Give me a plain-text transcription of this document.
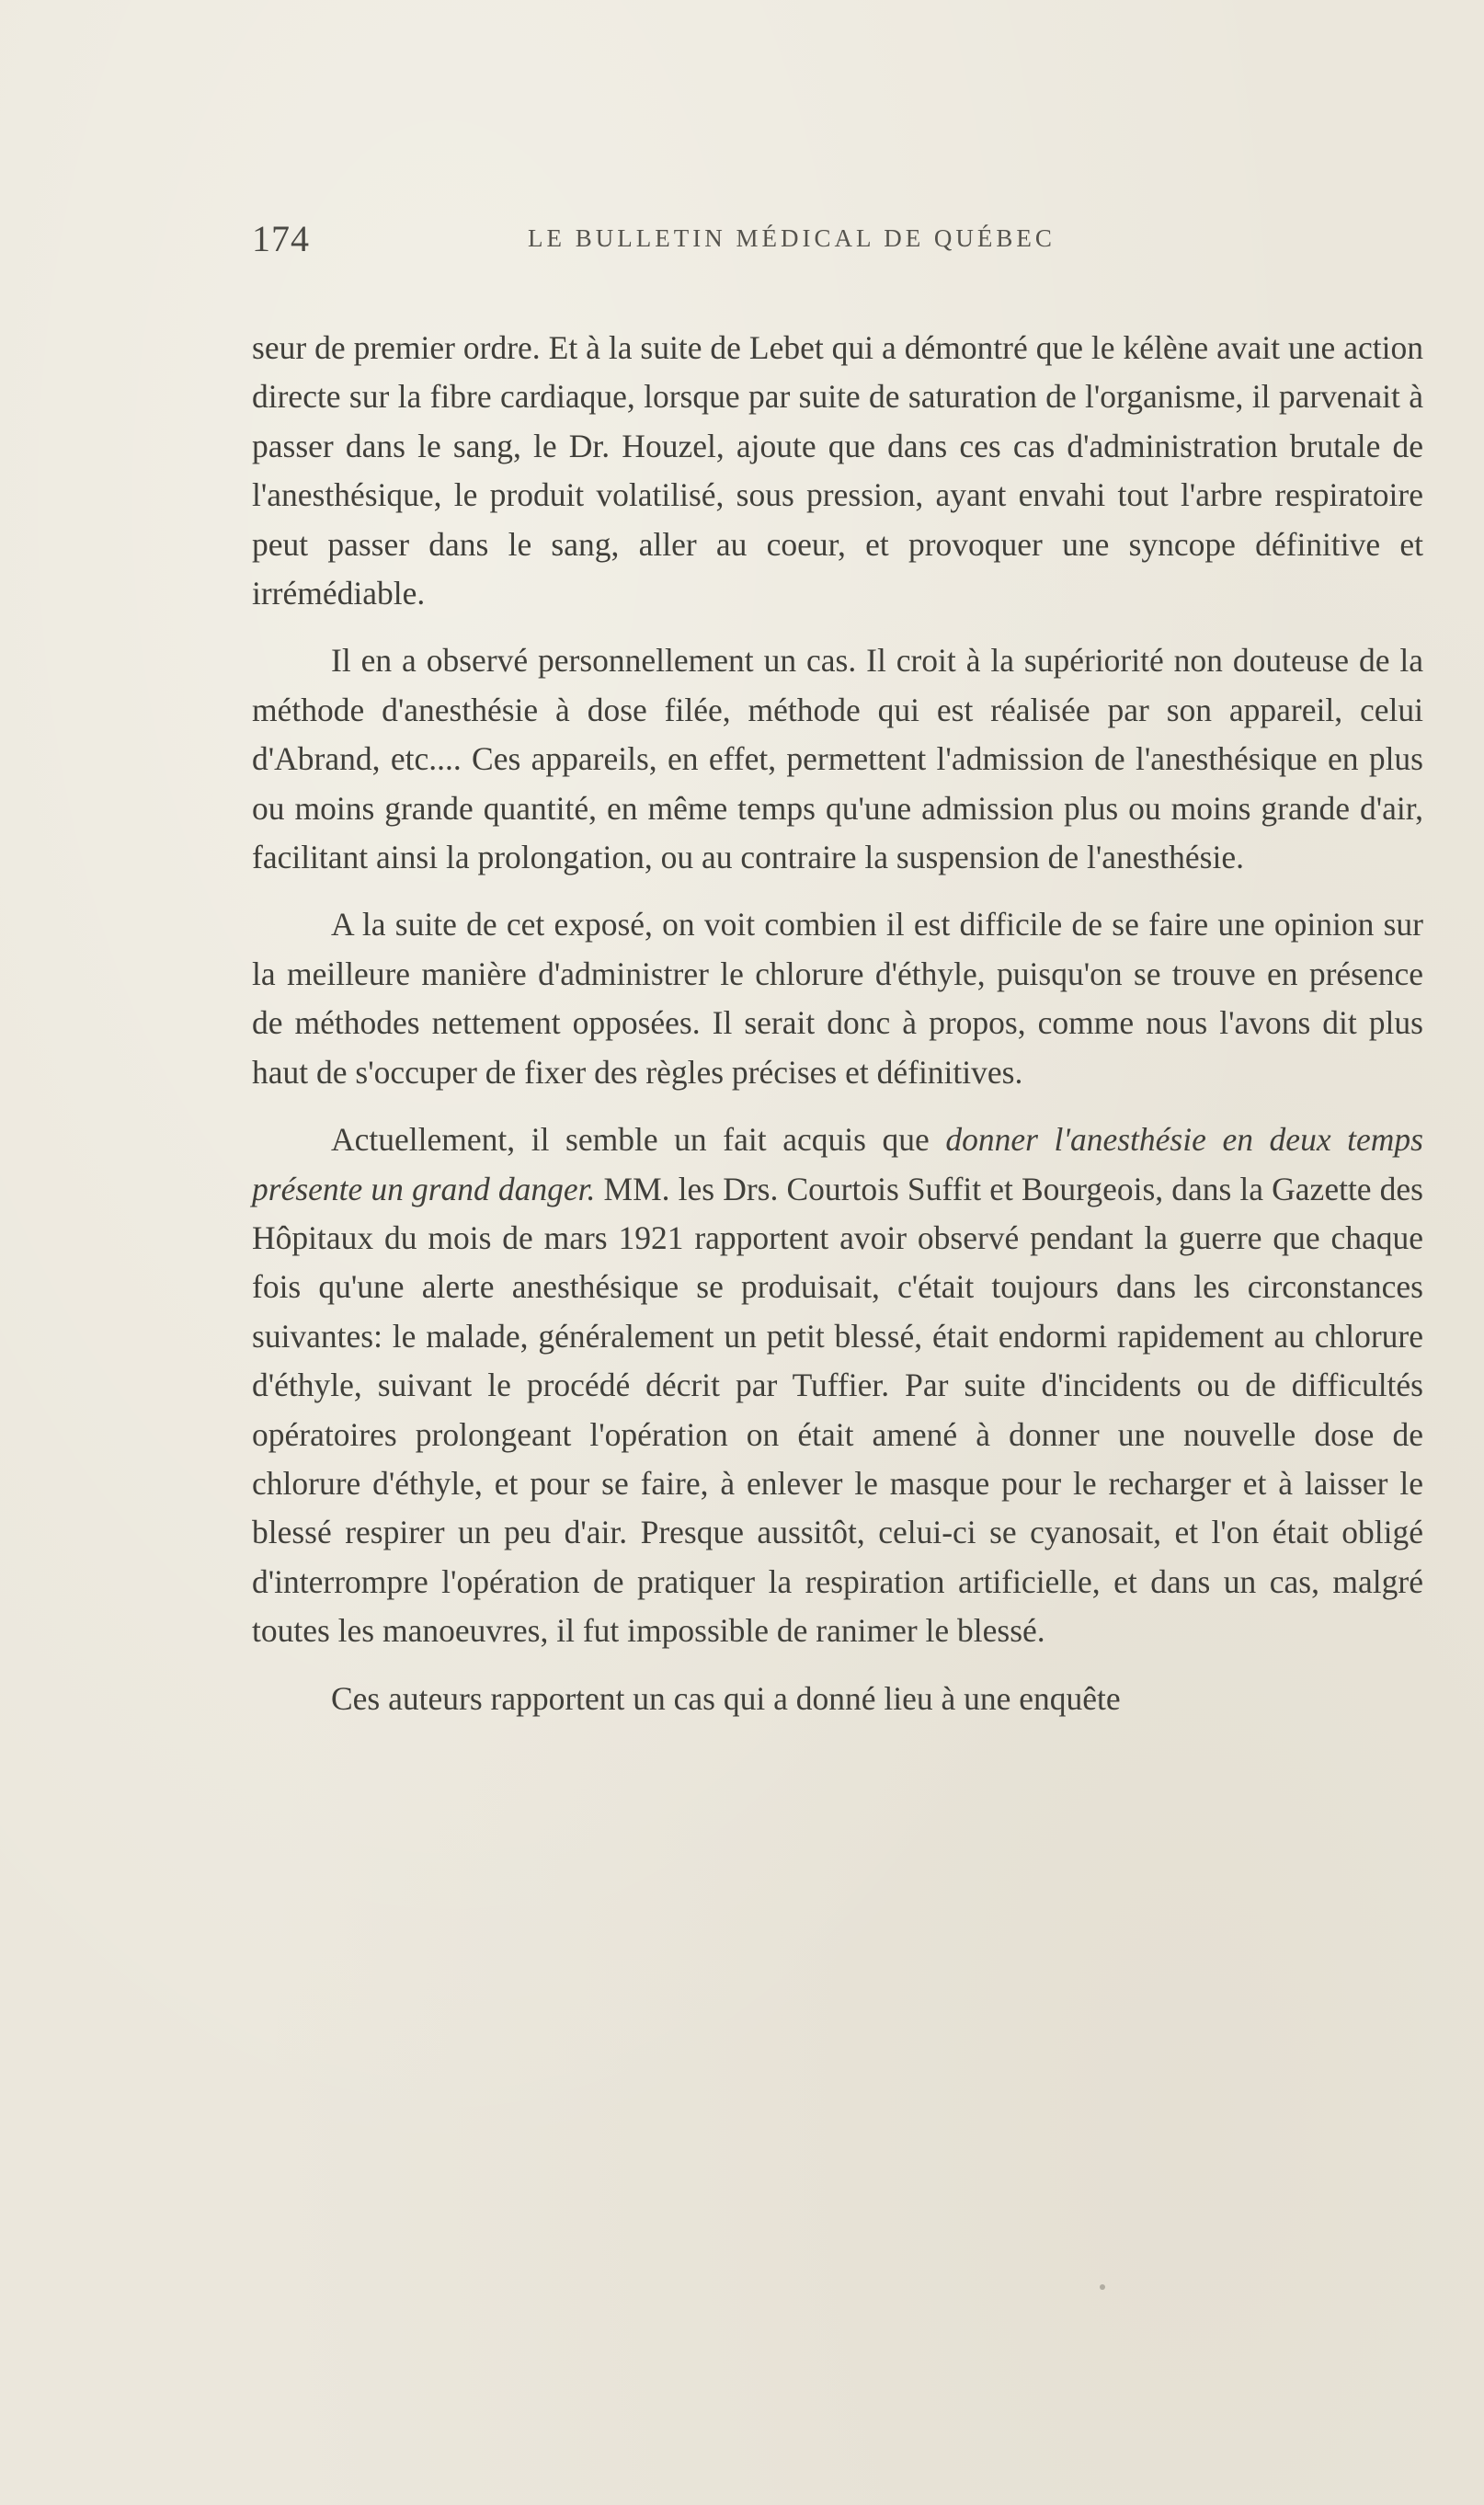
174	LE BULLETIN MÉDICAL DE QUÉBEC

seur de premier ordre. Et à la suite de Lebet qui a démontré que le kélène avait une action directe sur la fibre cardiaque, lorsque par suite de saturation de l'organisme, il parvenait à passer dans le sang, le Dr. Houzel, ajoute que dans ces cas d'administration brutale de l'anesthésique, le produit volatilisé, sous pression, ayant envahi tout l'arbre respiratoire peut passer dans le sang, aller au coeur, et provoquer une syncope définitive et irrémédiable.

Il en a observé personnellement un cas. Il croit à la supériorité non douteuse de la méthode d'anesthésie à dose filée, méthode qui est réalisée par son appareil, celui d'Abrand, etc.... Ces appareils, en effet, permettent l'admission de l'anesthésique en plus ou moins grande quantité, en même temps qu'une admission plus ou moins grande d'air, facilitant ainsi la prolongation, ou au contraire la suspension de l'anesthésie.

A la suite de cet exposé, on voit combien il est difficile de se faire une opinion sur la meilleure manière d'administrer le chlorure d'éthyle, puisqu'on se trouve en présence de méthodes nettement opposées. Il serait donc à propos, comme nous l'avons dit plus haut de s'occuper de fixer des règles précises et définitives.

Actuellement, il semble un fait acquis que donner l'anesthésie en deux temps présente un grand danger. MM. les Drs. Courtois Suffit et Bourgeois, dans la Gazette des Hôpitaux du mois de mars 1921 rapportent avoir observé pendant la guerre que chaque fois qu'une alerte anesthésique se produisait, c'était toujours dans les circonstances suivantes: le malade, généralement un petit blessé, était endormi rapidement au chlorure d'éthyle, suivant le procédé décrit par Tuffier. Par suite d'incidents ou de difficultés opératoires prolongeant l'opération on était amené à donner une nouvelle dose de chlorure d'éthyle, et pour se faire, à enlever le masque pour le recharger et à laisser le blessé respirer un peu d'air. Presque aussitôt, celui-ci se cyanosait, et l'on était obligé d'interrompre l'opération de pratiquer la respiration artificielle, et dans un cas, malgré toutes les manoeuvres, il fut impossible de ranimer le blessé.

Ces auteurs rapportent un cas qui a donné lieu à une enquête
